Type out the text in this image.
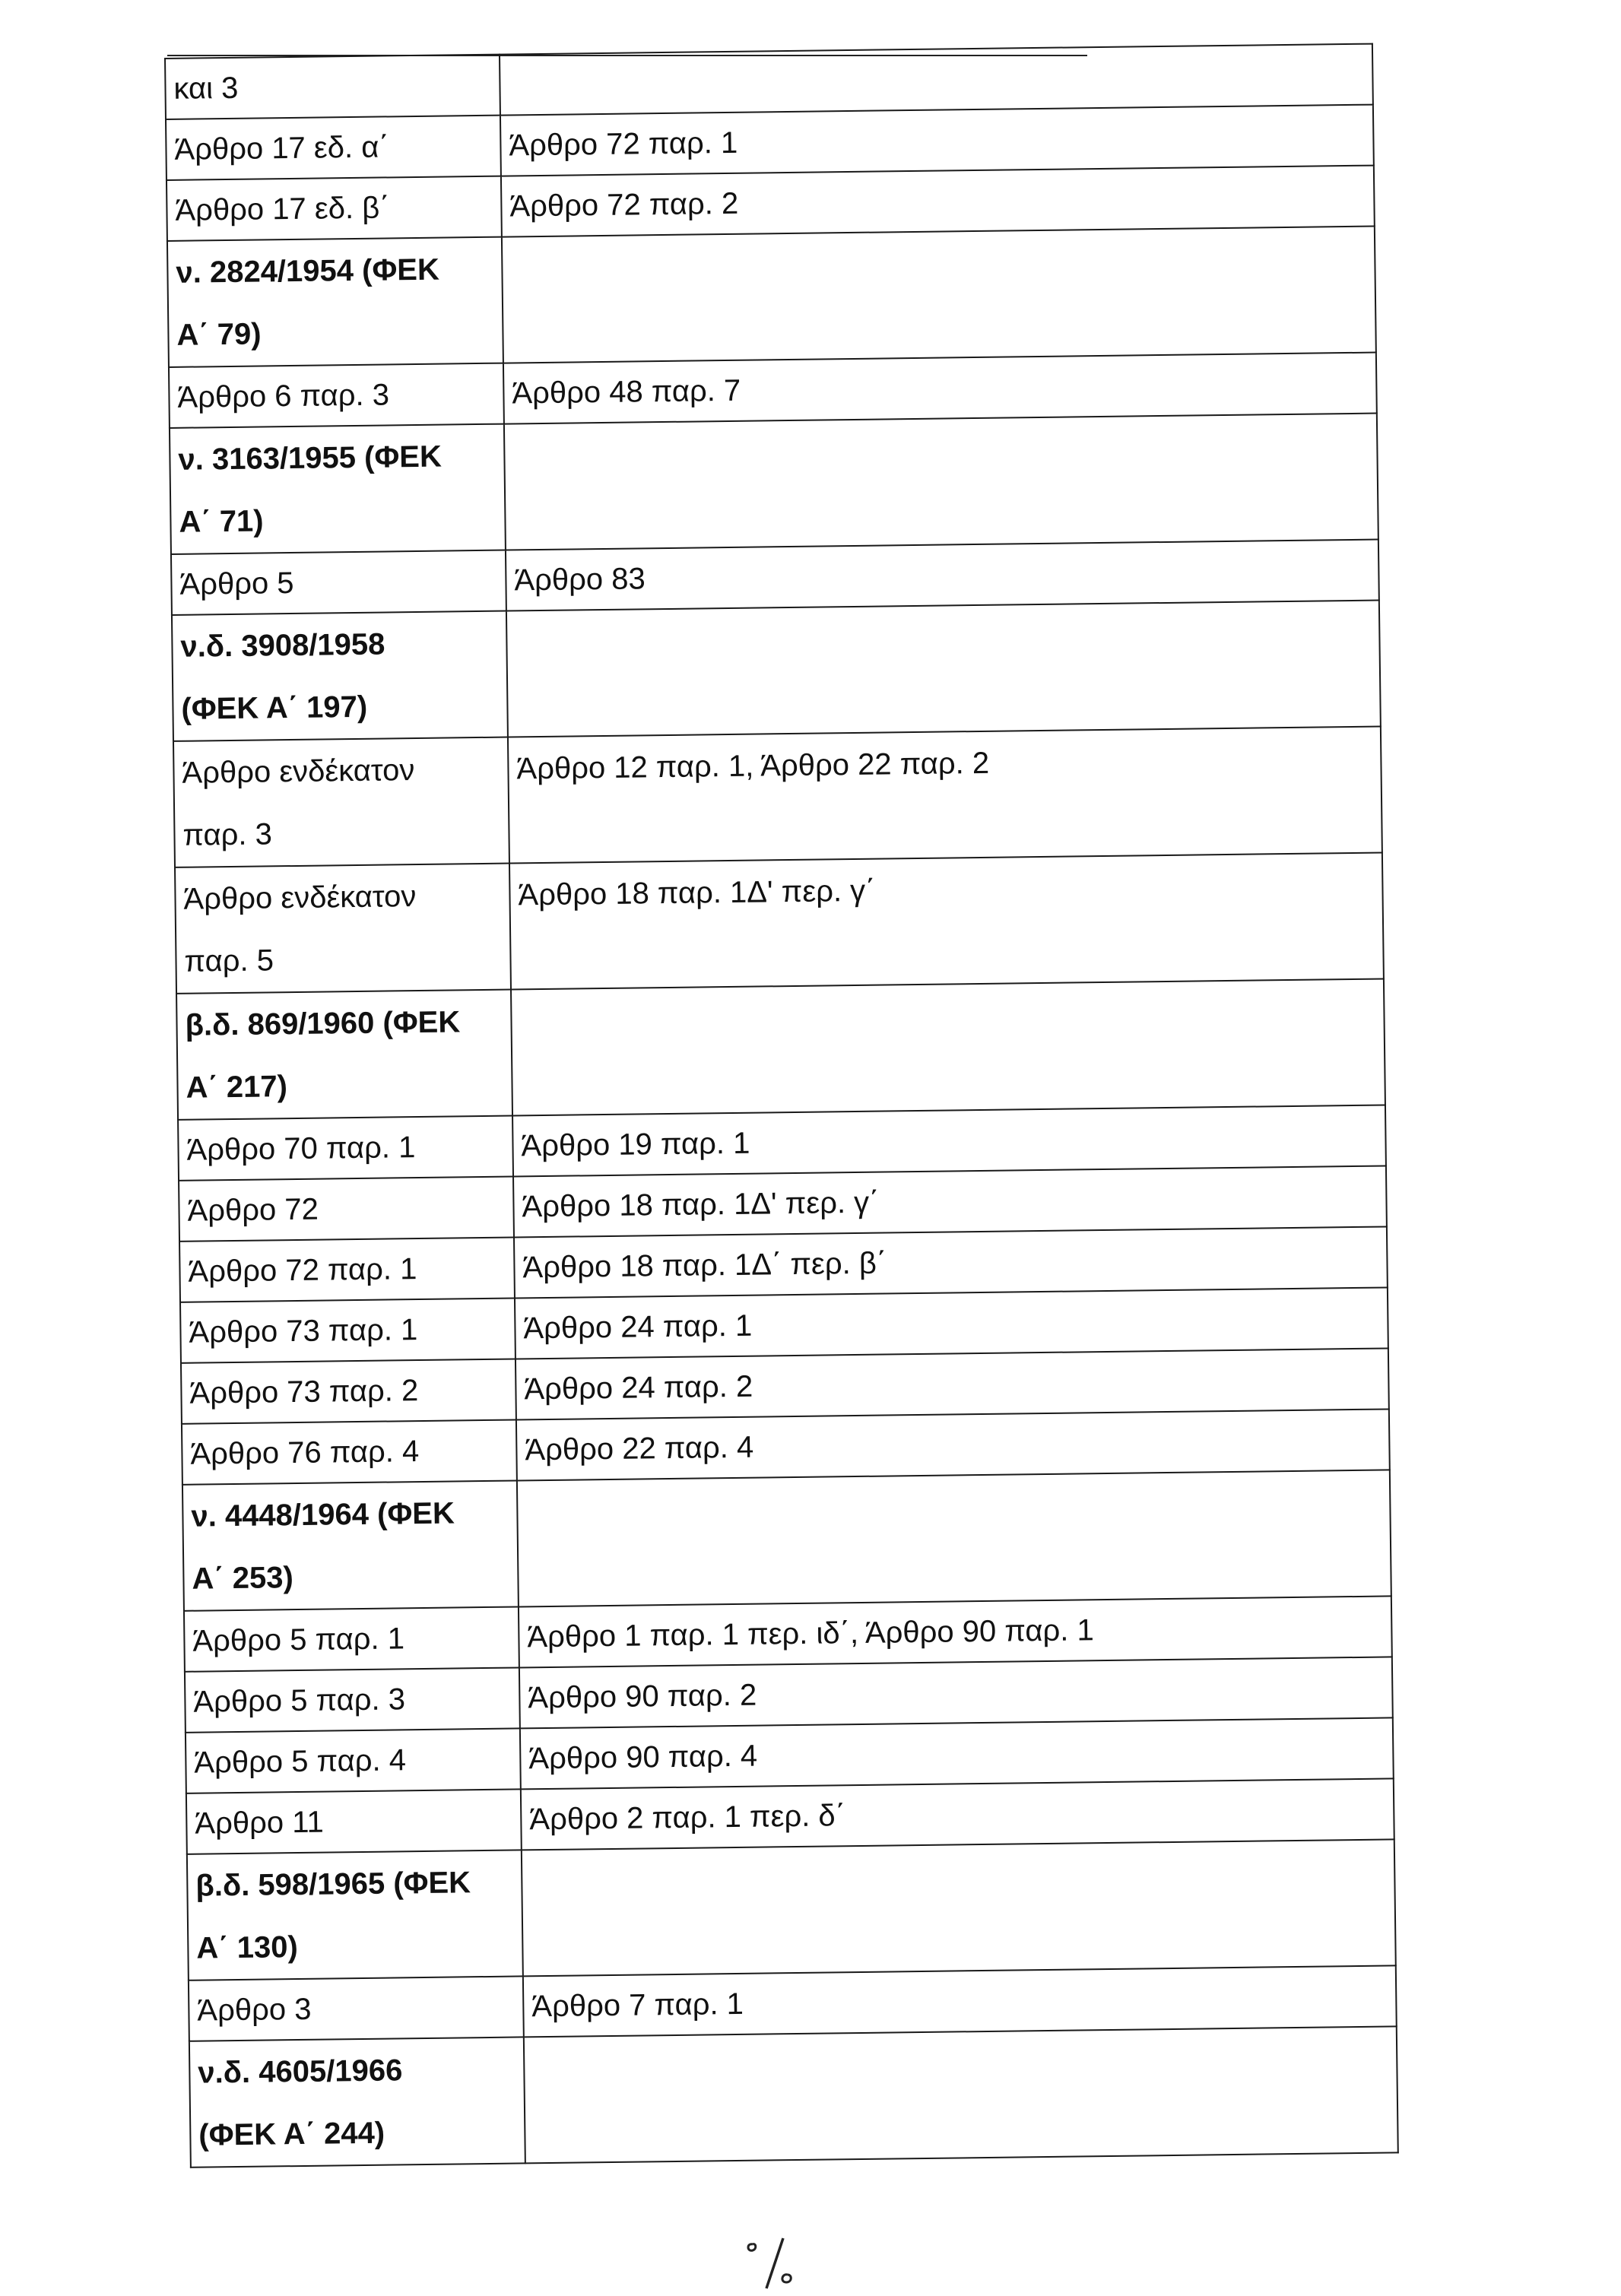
και 3	

Άρθρο 17 εδ. α΄	Άρθρο 72 παρ. 1

Άρθρο 17 εδ. β΄	Άρθρο 72 παρ. 2

ν. 2824/1954 (ΦΕΚ
Α΄ 79)	

Άρθρο 6 παρ. 3	Άρθρο 48 παρ. 7

ν. 3163/1955 (ΦΕΚ
Α΄ 71)	

Άρθρο 5	Άρθρο 83

ν.δ. 3908/1958
(ΦΕΚ Α΄ 197)	

Άρθρο ενδέκατον
παρ. 3	Άρθρο 12 παρ. 1, Άρθρο 22 παρ. 2

Άρθρο ενδέκατον
παρ. 5	Άρθρο 18 παρ. 1Δ' περ. γ΄

β.δ. 869/1960 (ΦΕΚ
Α΄ 217)	

Άρθρο 70 παρ. 1	Άρθρο 19 παρ. 1

Άρθρο 72	Άρθρο 18 παρ. 1Δ' περ. γ΄

Άρθρο 72 παρ. 1	Άρθρο 18 παρ. 1Δ΄ περ. β΄

Άρθρο 73 παρ. 1	Άρθρο 24 παρ. 1

Άρθρο 73 παρ. 2	Άρθρο 24 παρ. 2

Άρθρο 76 παρ. 4	Άρθρο 22 παρ. 4

ν. 4448/1964 (ΦΕΚ
Α΄ 253)	

Άρθρο 5 παρ. 1	Άρθρο 1 παρ. 1 περ. ιδ΄, Άρθρο 90 παρ. 1

Άρθρο 5 παρ. 3	Άρθρο 90 παρ. 2

Άρθρο 5 παρ. 4	Άρθρο 90 παρ. 4

Άρθρο 11	Άρθρο 2 παρ. 1 περ. δ΄

β.δ. 598/1965 (ΦΕΚ
Α΄ 130)	

Άρθρο 3	Άρθρο 7 παρ. 1

ν.δ. 4605/1966
(ΦΕΚ Α΄ 244)	
